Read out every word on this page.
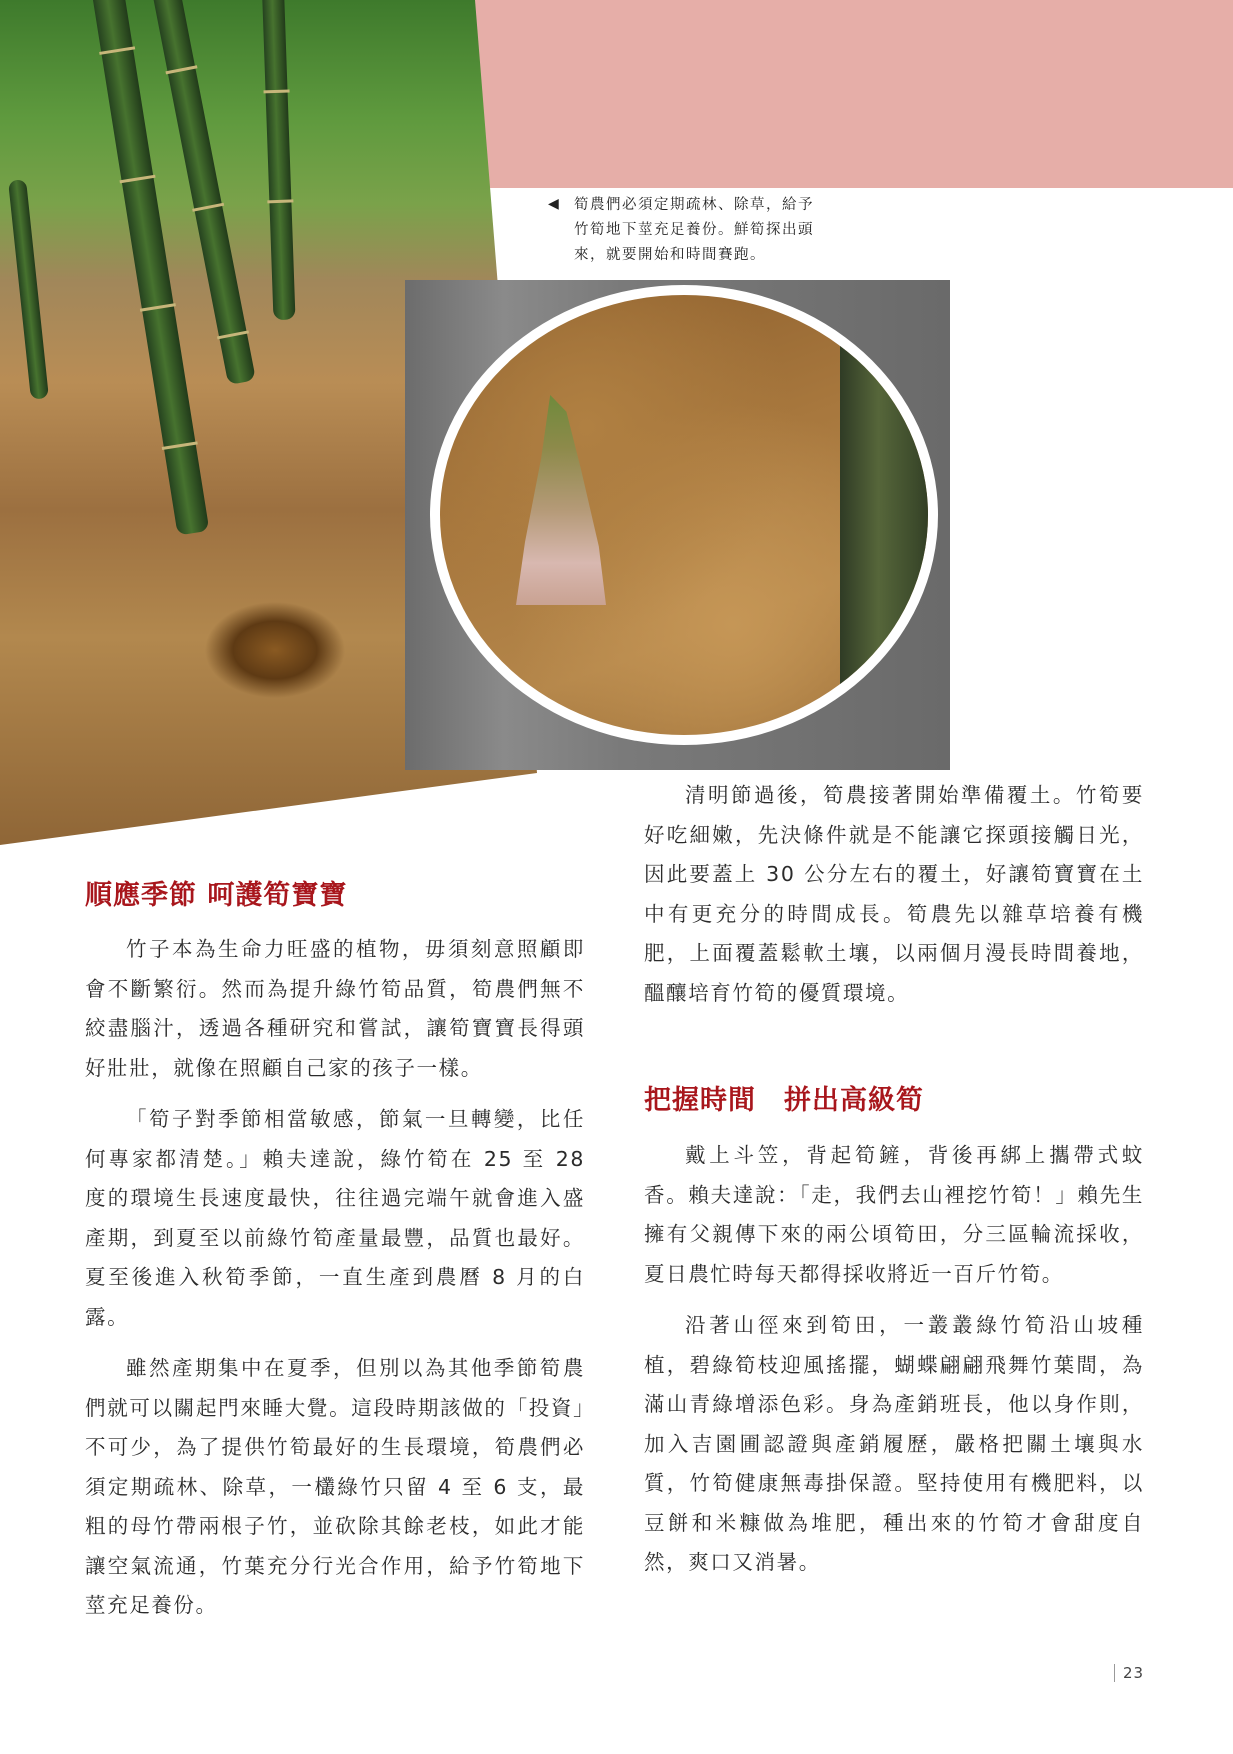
◀ 筍農們必須定期疏林、除草，給予
竹筍地下莖充足養份。鮮筍探出頭
來，就要開始和時間賽跑。
順應季節 呵護筍寶寶

竹子本為生命力旺盛的植物，毋須刻意照顧即會不斷繁衍。然而為提升綠竹筍品質，筍農們無不絞盡腦汁，透過各種研究和嘗試，讓筍寶寶長得頭好壯壯，就像在照顧自己家的孩子一樣。

「筍子對季節相當敏感，節氣一旦轉變，比任何專家都清楚。」賴夫達說，綠竹筍在 25 至 28 度的環境生長速度最快，往往過完端午就會進入盛產期，到夏至以前綠竹筍產量最豐，品質也最好。夏至後進入秋筍季節，一直生產到農曆 8 月的白露。

雖然產期集中在夏季，但別以為其他季節筍農們就可以關起門來睡大覺。這段時期該做的「投資」不可少，為了提供竹筍最好的生長環境，筍農們必須定期疏林、除草，一欉綠竹只留 4 至 6 支，最粗的母竹帶兩根子竹，並砍除其餘老枝，如此才能讓空氣流通，竹葉充分行光合作用，給予竹筍地下莖充足養份。

清明節過後，筍農接著開始準備覆土。竹筍要好吃細嫩，先決條件就是不能讓它探頭接觸日光，因此要蓋上 30 公分左右的覆土，好讓筍寶寶在土中有更充分的時間成長。筍農先以雜草培養有機肥，上面覆蓋鬆軟土壤，以兩個月漫長時間養地，醞釀培育竹筍的優質環境。

把握時間　拼出高級筍

戴上斗笠，背起筍鏟，背後再綁上攜帶式蚊香。賴夫達說：「走，我們去山裡挖竹筍！」賴先生擁有父親傳下來的兩公頃筍田，分三區輪流採收，夏日農忙時每天都得採收將近一百斤竹筍。

沿著山徑來到筍田，一叢叢綠竹筍沿山坡種植，碧綠筍枝迎風搖擺，蝴蝶翩翩飛舞竹葉間，為滿山青綠增添色彩。身為產銷班長，他以身作則，加入吉園圃認證與產銷履歷，嚴格把關土壤與水質，竹筍健康無毒掛保證。堅持使用有機肥料，以豆餅和米糠做為堆肥，種出來的竹筍才會甜度自然，爽口又消暑。

23
